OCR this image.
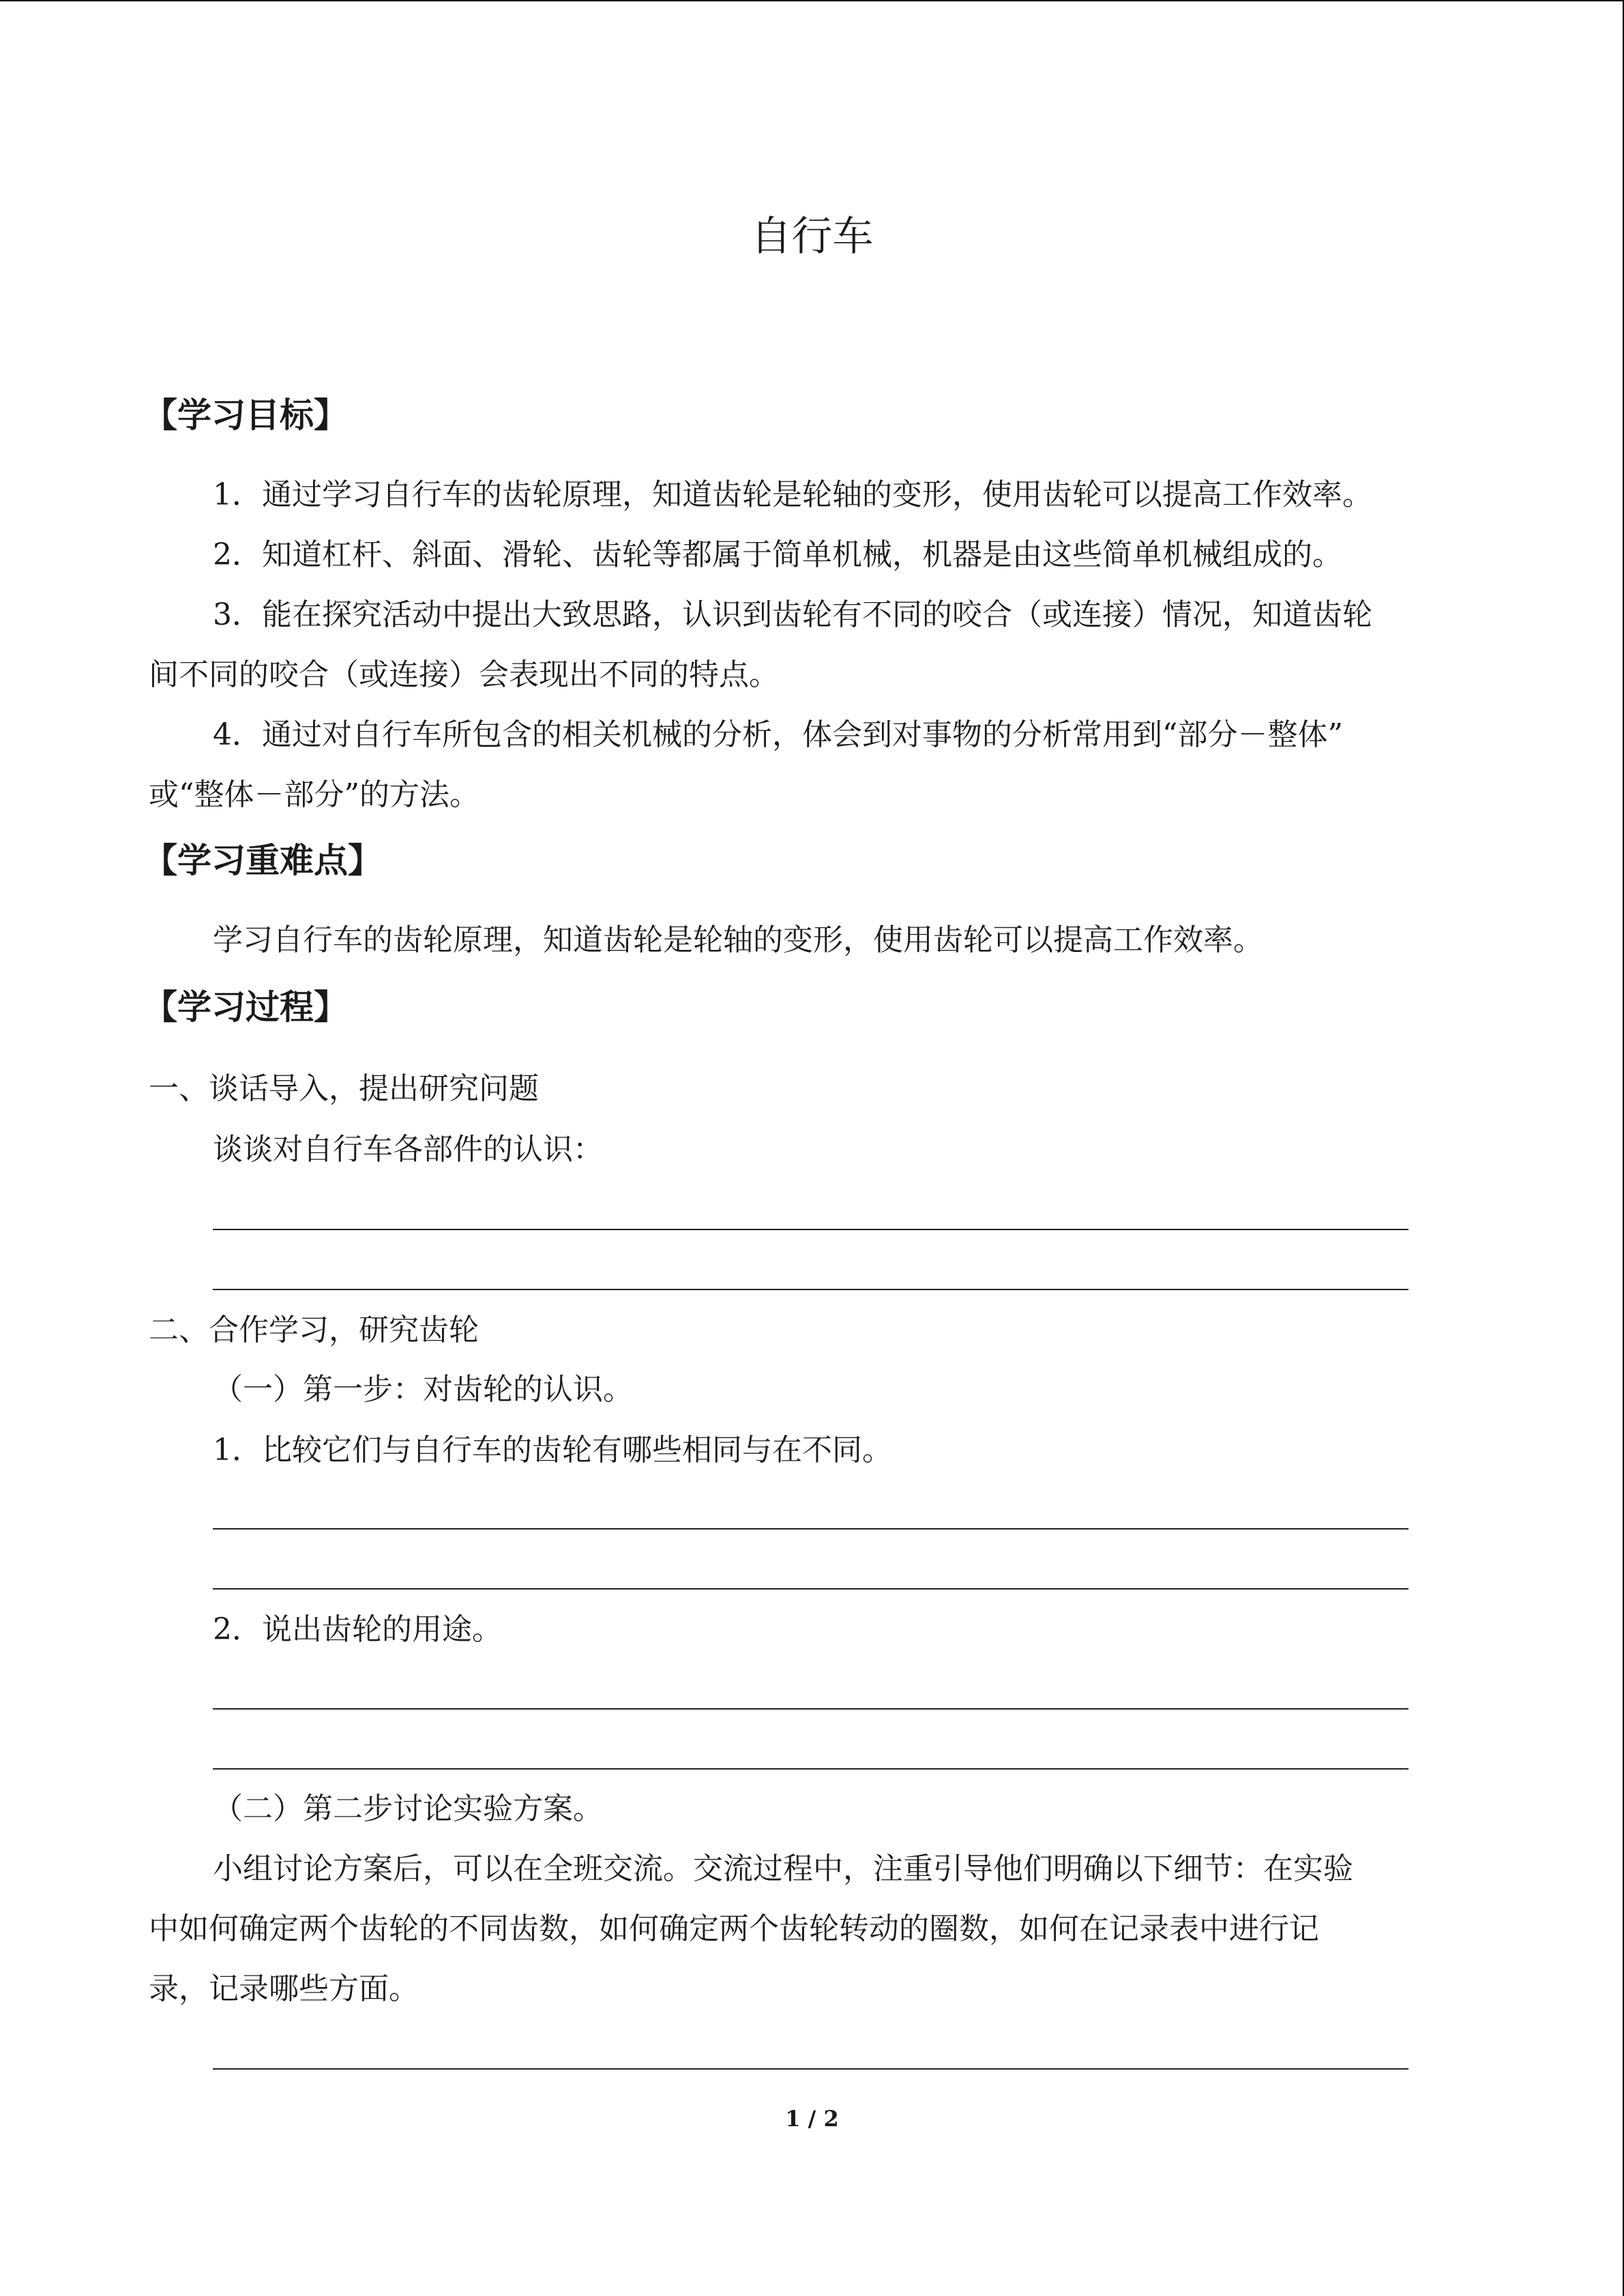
自行车
【学习目标】
1．通过学习自行车的齿轮原理，知道齿轮是轮轴的变形，使用齿轮可以提高工作效率。
2．知道杠杆、斜面、滑轮、齿轮等都属于简单机械，机器是由这些简单机械组成的。
3．能在探究活动中提出大致思路，认识到齿轮有不同的咬合（或连接）情况，知道齿轮
间不同的咬合（或连接）会表现出不同的特点。
4．通过对自行车所包含的相关机械的分析，体会到对事物的分析常用到“部分－整体”
或“整体－部分”的方法。
【学习重难点】
学习自行车的齿轮原理，知道齿轮是轮轴的变形，使用齿轮可以提高工作效率。
【学习过程】
一、谈话导入，提出研究问题
谈谈对自行车各部件的认识：
二、合作学习，研究齿轮
（一）第一步：对齿轮的认识。
1．比较它们与自行车的齿轮有哪些相同与在不同。
2．说出齿轮的用途。
（二）第二步讨论实验方案。
小组讨论方案后，可以在全班交流。交流过程中，注重引导他们明确以下细节：在实验
中如何确定两个齿轮的不同齿数，如何确定两个齿轮转动的圈数，如何在记录表中进行记
录，记录哪些方面。
1 / 2
